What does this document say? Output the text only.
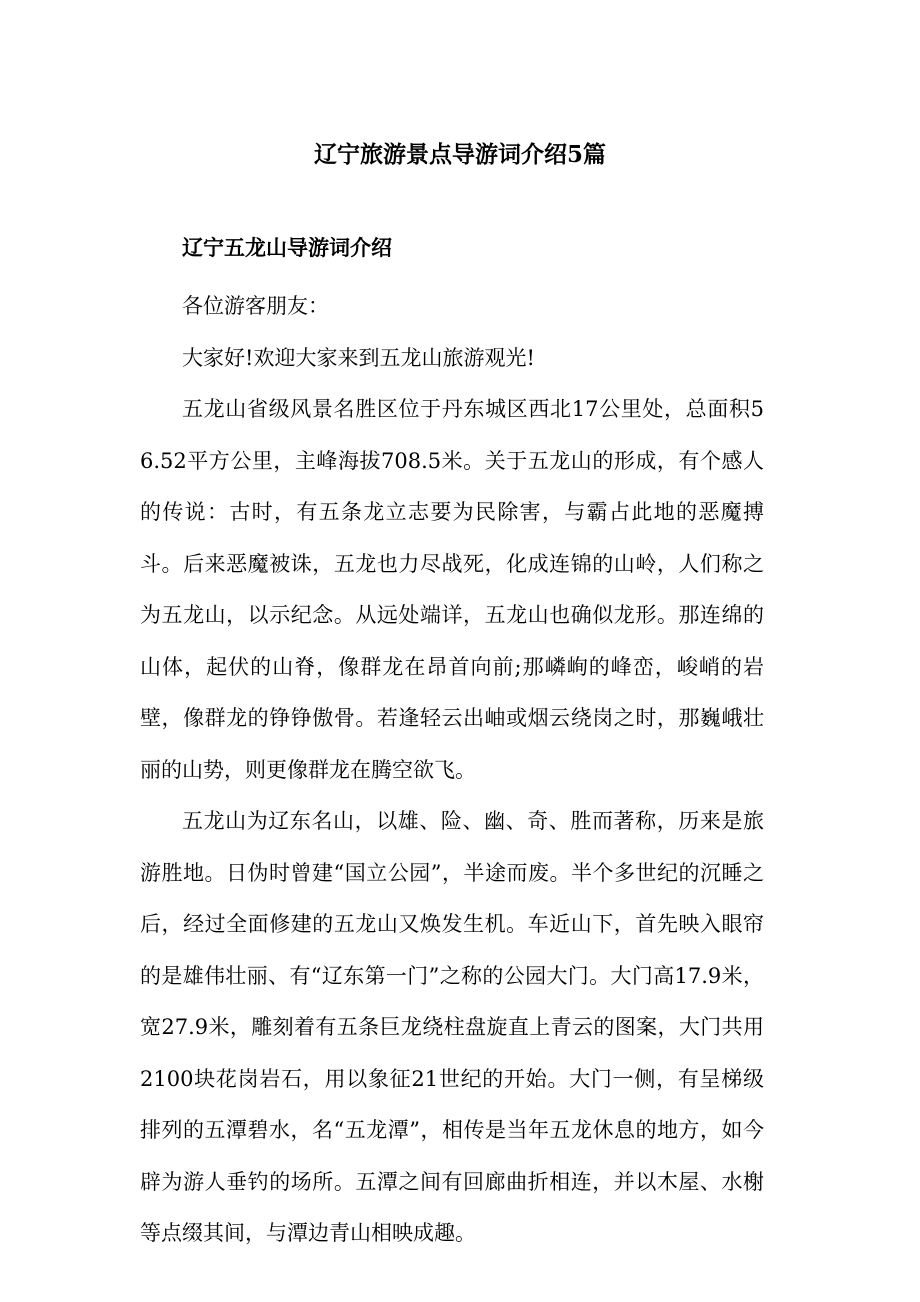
辽宁旅游景点导游词介绍5篇

辽宁五龙山导游词介绍

各位游客朋友：

大家好!欢迎大家来到五龙山旅游观光!

五龙山省级风景名胜区位于丹东城区西北17公里处，总面积56.52平方公里，主峰海拔708.5米。关于五龙山的形成，有个感人的传说：古时，有五条龙立志要为民除害，与霸占此地的恶魔搏斗。后来恶魔被诛，五龙也力尽战死，化成连锦的山岭，人们称之为五龙山，以示纪念。从远处端详，五龙山也确似龙形。那连绵的山体，起伏的山脊，像群龙在昂首向前;那嶙峋的峰峦，峻峭的岩壁，像群龙的铮铮傲骨。若逢轻云出岫或烟云绕岗之时，那巍峨壮丽的山势，则更像群龙在腾空欲飞。

五龙山为辽东名山，以雄、险、幽、奇、胜而著称，历来是旅游胜地。日伪时曾建“国立公园”，半途而废。半个多世纪的沉睡之后，经过全面修建的五龙山又焕发生机。车近山下，首先映入眼帘的是雄伟壮丽、有“辽东第一门”之称的公园大门。大门高17.9米，宽27.9米，雕刻着有五条巨龙绕柱盘旋直上青云的图案，大门共用2100块花岗岩石，用以象征21世纪的开始。大门一侧，有呈梯级排列的五潭碧水，名“五龙潭”，相传是当年五龙休息的地方，如今辟为游人垂钓的场所。五潭之间有回廊曲折相连，并以木屋、水榭等点缀其间，与潭边青山相映成趣。
